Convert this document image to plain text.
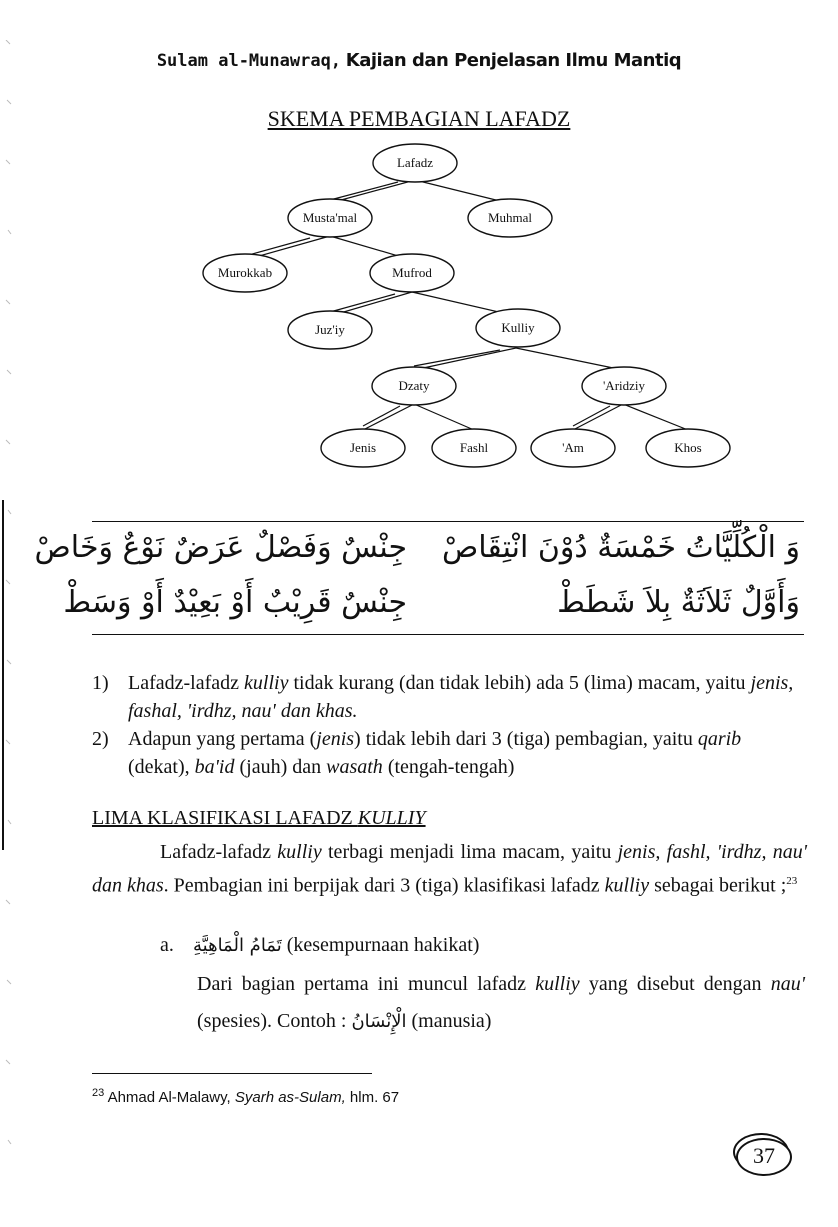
Sulam al-Munawraq, Kajian dan Penjelasan Ilmu Mantiq
SKEMA PEMBAGIAN LAFADZ
Lafadz
Musta'mal	Muhmal
Murokkab	Mufrod
Juz'iy	Kulliy
Dzaty	'Aridziy
Jenis	Fashl	'Am	Khos
وَ الْكُلِّيَّاتُ خَمْسَةٌ دُوْنَ انْتِقَاصْ
جِنْسٌ وَفَصْلٌ عَرَضٌ نَوْعٌ وَخَاصْ
وَأَوَّلٌ ثَلاَثَةٌ بِلاَ شَطَطْ
جِنْسٌ قَرِيْبٌ أَوْ بَعِيْدٌ أَوْ وَسَطْ
1) Lafadz-lafadz kulliy tidak kurang (dan tidak lebih) ada 5 (lima) macam, yaitu jenis, fashal, 'irdhz, nau' dan khas.
2) Adapun yang pertama (jenis) tidak lebih dari 3 (tiga) pembagian, yaitu qarib (dekat), ba'id (jauh) dan wasath (tengah-tengah)
LIMA KLASIFIKASI LAFADZ KULLIY
Lafadz-lafadz kulliy terbagi menjadi lima macam, yaitu jenis, fashl, 'irdhz, nau' dan khas. Pembagian ini berpijak dari 3 (tiga) klasifikasi lafadz kulliy sebagai berikut ;$^{23}$
a. تَمَامُ الْمَاهِيَّةِ (kesempurnaan hakikat)
Dari bagian pertama ini muncul lafadz kulliy yang disebut dengan nau' (spesies). Contoh : الْإِنْسَانُ (manusia)
$^{23}$ Ahmad Al-Malawy, Syarh as-Sulam, hlm. 67
37
